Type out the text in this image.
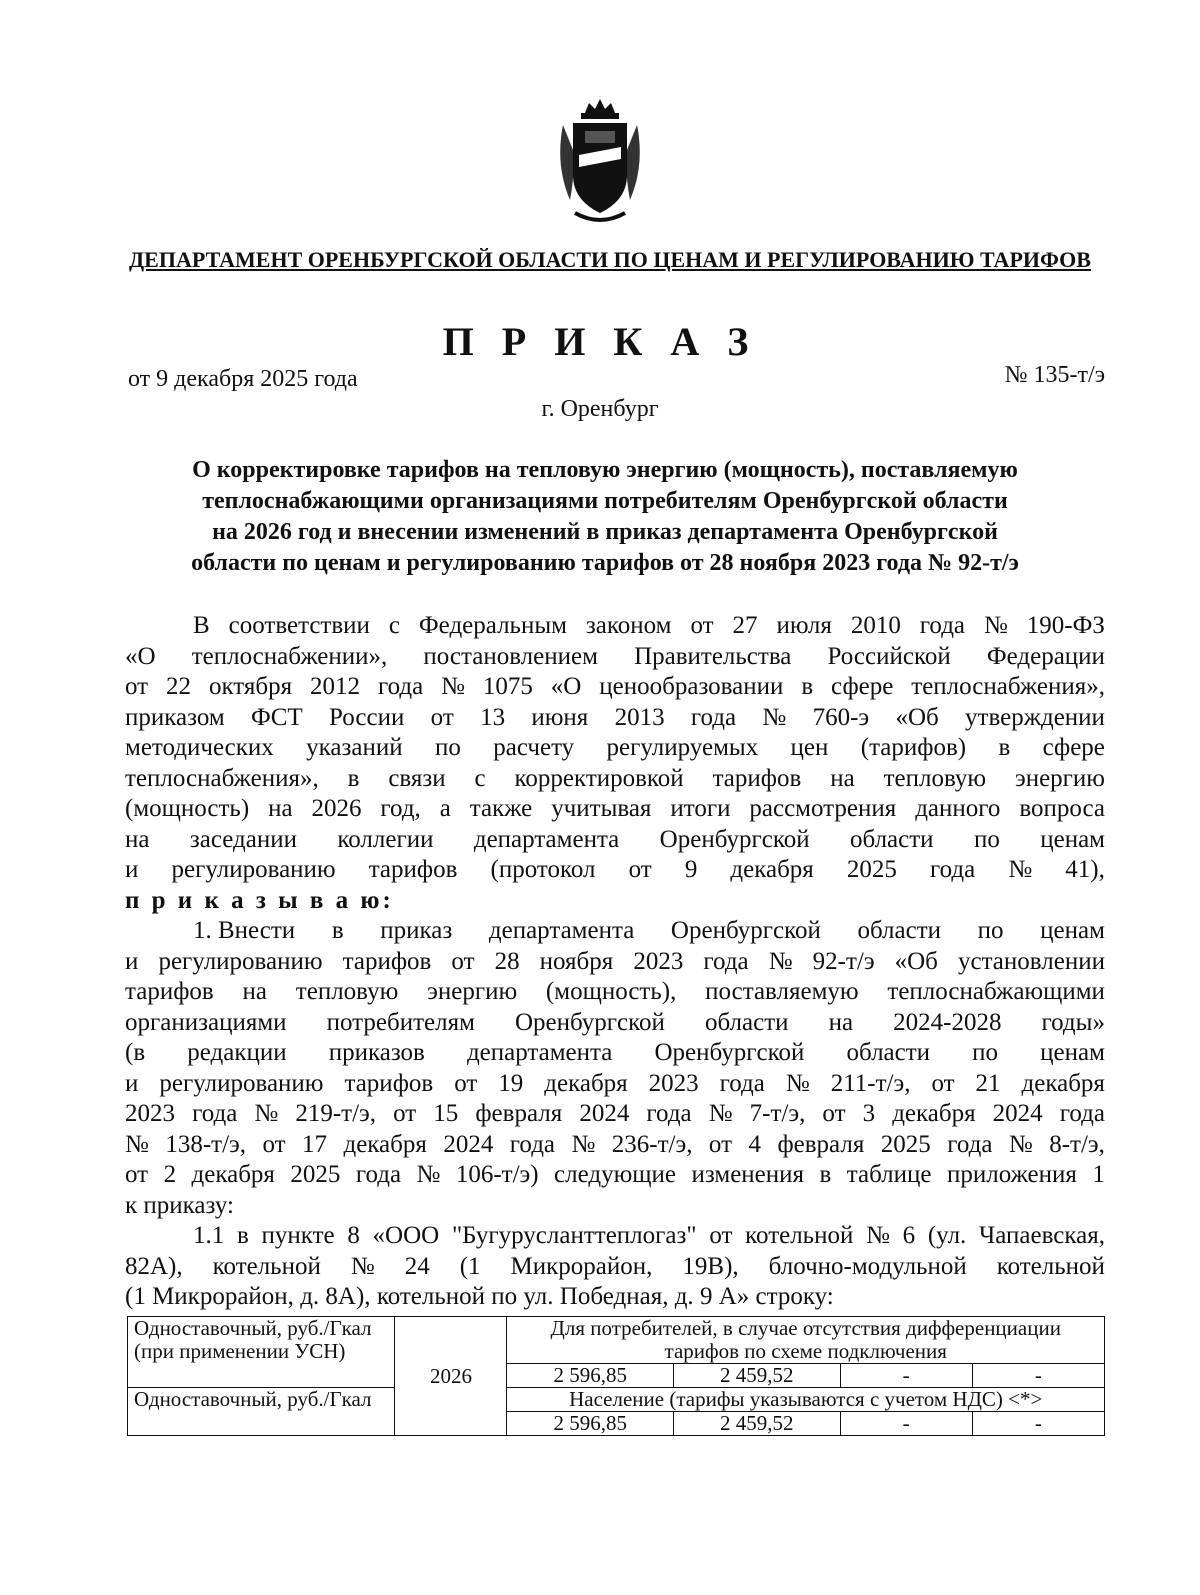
ДЕПАРТАМЕНТ ОРЕНБУРГСКОЙ ОБЛАСТИ ПО ЦЕНАМ И РЕГУЛИРОВАНИЮ ТАРИФОВ
П Р И К А З
от 9 декабря 2025 года	№ 135-т/э
г. Оренбург
О корректировке тарифов на тепловую энергию (мощность), поставляемую
теплоснабжающими организациями потребителям Оренбургской области
на 2026 год и внесении изменений в приказ департамента Оренбургской
области по ценам и регулированию тарифов от 28 ноября 2023 года № 92-т/э
В соответствии с Федеральным законом от 27 июля 2010 года № 190-ФЗ
«О теплоснабжении», постановлением Правительства Российской Федерации
от 22 октября 2012 года № 1075 «О ценообразовании в сфере теплоснабжения»,
приказом ФСТ России от 13 июня 2013 года № 760-э «Об утверждении
методических указаний по расчету регулируемых цен (тарифов) в сфере
теплоснабжения», в связи с корректировкой тарифов на тепловую энергию
(мощность) на 2026 год, а также учитывая итоги рассмотрения данного вопроса
на заседании коллегии департамента Оренбургской области по ценам
и регулированию тарифов (протокол от 9 декабря 2025 года № 41),
п р и к а з ы в а ю:
1. Внести в приказ департамента Оренбургской области по ценам
и регулированию тарифов от 28 ноября 2023 года № 92-т/э «Об установлении
тарифов на тепловую энергию (мощность), поставляемую теплоснабжающими
организациями потребителям Оренбургской области на 2024-2028 годы»
(в редакции приказов департамента Оренбургской области по ценам
и регулированию тарифов от 19 декабря 2023 года № 211-т/э, от 21 декабря
2023 года № 219-т/э, от 15 февраля 2024 года № 7-т/э, от 3 декабря 2024 года
№ 138-т/э, от 17 декабря 2024 года № 236-т/э, от 4 февраля 2025 года № 8-т/э,
от 2 декабря 2025 года № 106-т/э) следующие изменения в таблице приложения 1
к приказу:
1.1 в пункте 8 «ООО "Бугурусланттеплогаз" от котельной № 6 (ул. Чапаевская,
82А), котельной № 24 (1 Микрорайон, 19В), блочно-модульной котельной
(1 Микрорайон, д. 8А), котельной по ул. Победная, д. 9 А» строку:
Одноставочный, руб./Гкал (при применении УСН)	2026	Для потребителей, в случае отсутствия дифференциации тарифов по схеме подключения			
		2 596,85	2 459,52	-	-
Одноставочный, руб./Гкал		Население (тарифы указываются с учетом НДС) <*>			
		2 596,85	2 459,52	-	-
